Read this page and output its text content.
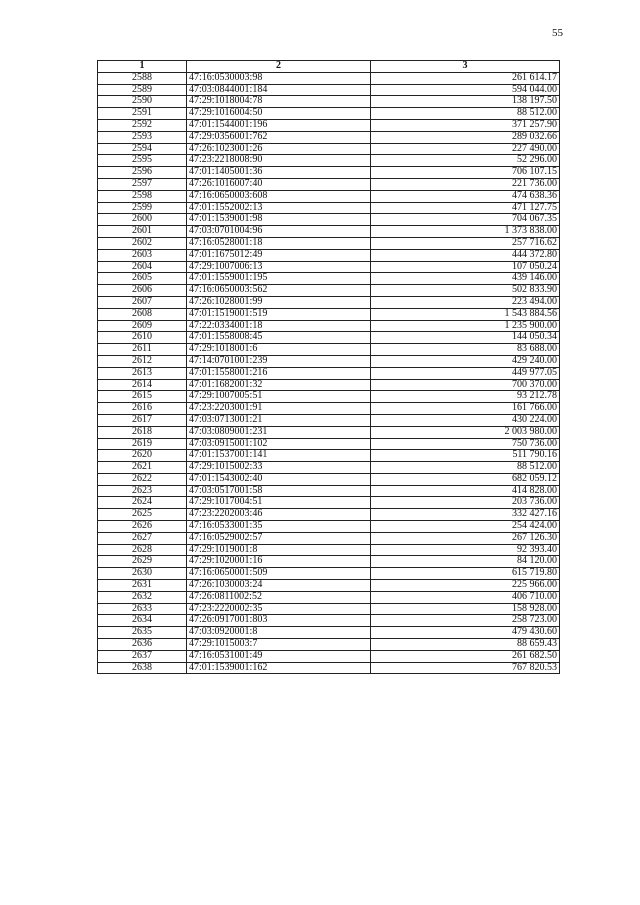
55
1	2	3
2588	47:16:0530003:98	261 614.17
2589	47:03:0844001:184	594 044.00
2590	47:29:1018004:78	138 197.50
2591	47:29:1016004:50	88 512.00
2592	47:01:1544001:196	371 257.90
2593	47:29:0356001:762	289 032.66
2594	47:26:1023001:26	227 490.00
2595	47:23:2218008:90	52 296.00
2596	47:01:1405001:36	706 107.15
2597	47:26:1016007:40	221 736.00
2598	47:16:0650003:608	474 638.36
2599	47:01:1552002:13	471 127.75
2600	47:01:1539001:98	704 067.35
2601	47:03:0701004:96	1 373 838.00
2602	47:16:0528001:18	257 716.62
2603	47:01:1675012:49	444 372.80
2604	47:29:1007006:13	107 050.24
2605	47:01:1559001:195	439 146.00
2606	47:16:0650003:562	502 833.90
2607	47:26:1028001:99	223 494.00
2608	47:01:1519001:519	1 543 884.56
2609	47:22:0334001:18	1 235 900.00
2610	47:01:1558008:45	144 050.34
2611	47:29:1018001:6	83 688.00
2612	47:14:0701001:239	429 240.00
2613	47:01:1558001:216	449 977.05
2614	47:01:1682001:32	700 370.00
2615	47:29:1007005:51	93 212.78
2616	47:23:2203001:91	161 766.00
2617	47:03:0713001:21	430 224.00
2618	47:03:0809001:231	2 003 980.00
2619	47:03:0915001:102	750 736.00
2620	47:01:1537001:141	511 790.16
2621	47:29:1015002:33	88 512.00
2622	47:01:1543002:40	682 059.12
2623	47:03:0517001:58	414 828.00
2624	47:29:1017004:51	203 736.00
2625	47:23:2202003:46	332 427.16
2626	47:16:0533001:35	254 424.00
2627	47:16:0529002:57	267 126.30
2628	47:29:1019001:8	92 393.40
2629	47:29:1020001:16	84 120.00
2630	47:16:0650001:509	615 719.80
2631	47:26:1030003:24	225 966.00
2632	47:26:0811002:52	406 710.00
2633	47:23:2220002:35	158 928.00
2634	47:26:0917001:803	258 723.00
2635	47:03:0920001:8	479 430.60
2636	47:29:1015003:7	88 659.43
2637	47:16:0531001:49	261 682.50
2638	47:01:1539001:162	767 820.53
